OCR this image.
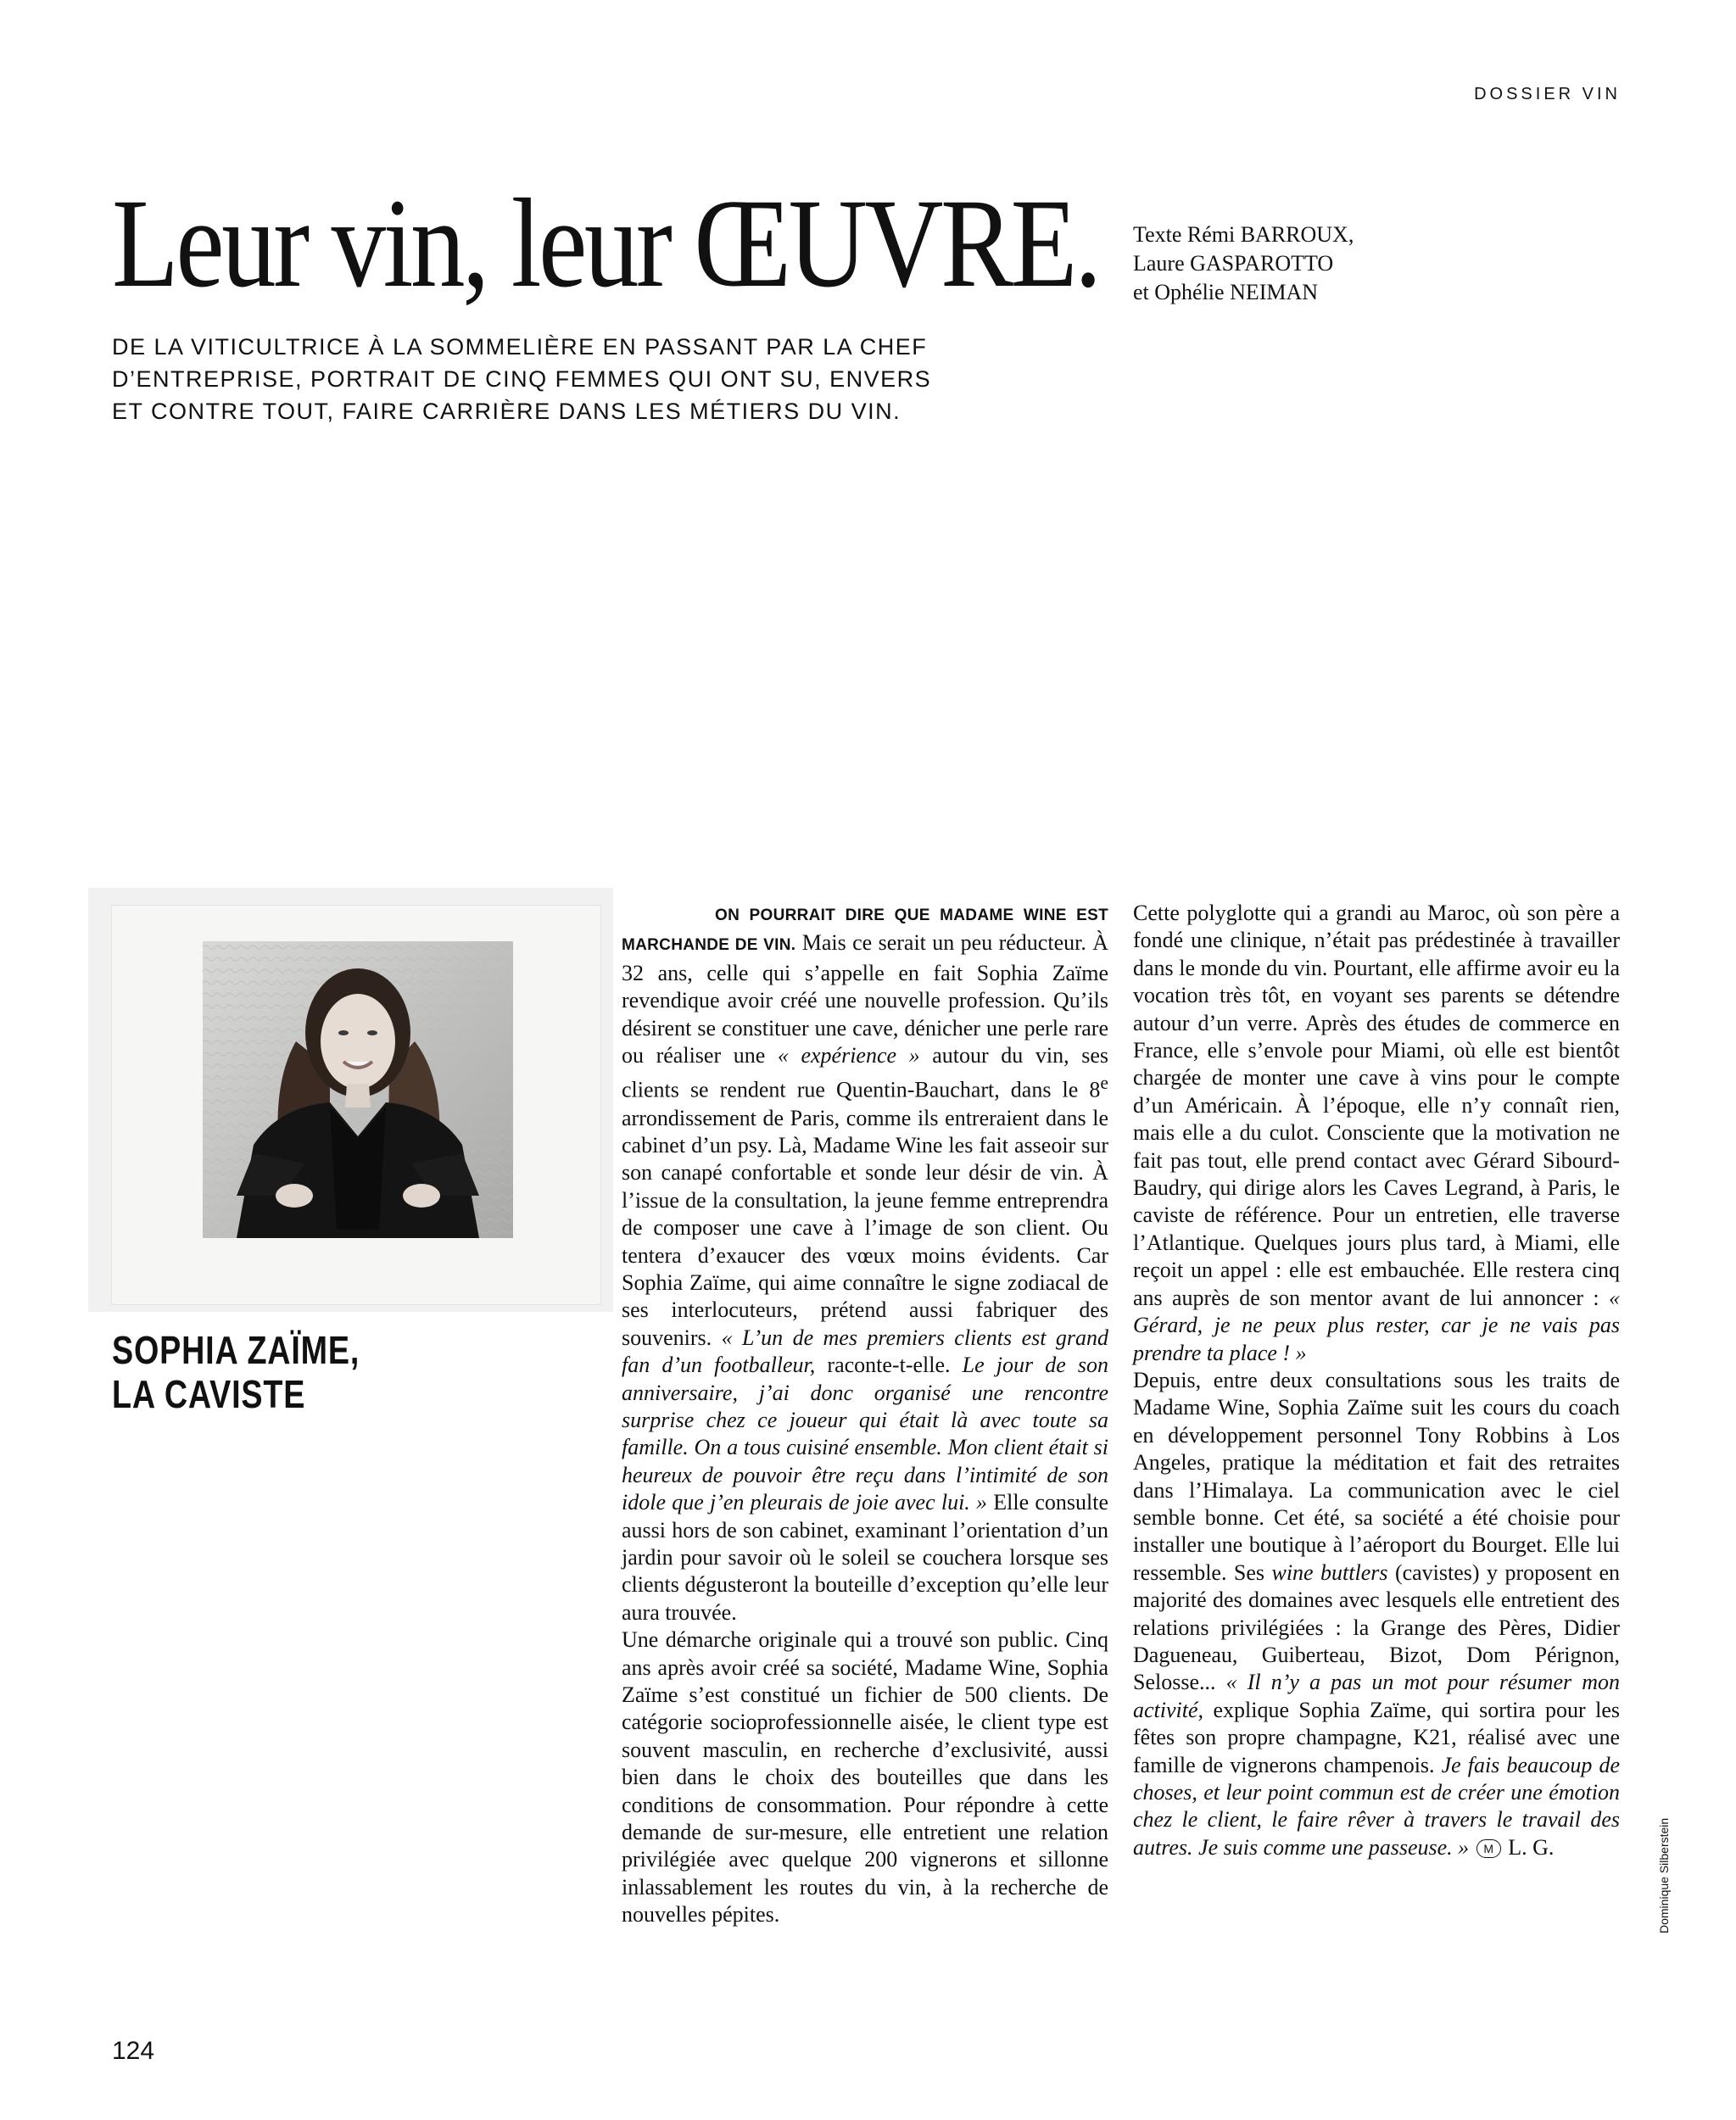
DOSSIER VIN
Leur vin, leur ŒUVRE. Texte Rémi BARROUX,
Laure GASPAROTTO
et Ophélie NEIMAN
DE LA VITICULTRICE À LA SOMMELIÈRE EN PASSANT PAR LA CHEF
D’ENTREPRISE, PORTRAIT DE CINQ FEMMES QUI ONT SU, ENVERS
ET CONTRE TOUT, FAIRE CARRIÈRE DANS LES MÉTIERS DU VIN.
SOPHIA ZAÏME,
LA CAVISTE

ON POURRAIT DIRE QUE MADAME WINE EST MARCHANDE DE VIN. Mais ce serait un peu réducteur. À 32 ans, celle qui s’appelle en fait Sophia Zaïme revendique avoir créé une nouvelle profession. Qu’ils désirent se constituer une cave, dénicher une perle rare ou réaliser une « expérience » autour du vin, ses clients se rendent rue Quentin-Bauchart, dans le 8e arrondissement de Paris, comme ils entreraient dans le cabinet d’un psy. Là, Madame Wine les fait asseoir sur son canapé confortable et sonde leur désir de vin. À l’issue de la consultation, la jeune femme entreprendra de composer une cave à l’image de son client. Ou tentera d’exaucer des vœux moins évidents. Car Sophia Zaïme, qui aime connaître le signe zodiacal de ses interlocuteurs, prétend aussi fabriquer des souvenirs. « L’un de mes premiers clients est grand fan d’un footballeur, raconte-t-elle. Le jour de son anniversaire, j’ai donc organisé une rencontre surprise chez ce joueur qui était là avec toute sa famille. On a tous cuisiné ensemble. Mon client était si heureux de pouvoir être reçu dans l’intimité de son idole que j’en pleurais de joie avec lui. » Elle consulte aussi hors de son cabinet, examinant l’orientation d’un jardin pour savoir où le soleil se couchera lorsque ses clients dégusteront la bouteille d’exception qu’elle leur aura trouvée.

Une démarche originale qui a trouvé son public. Cinq ans après avoir créé sa société, Madame Wine, Sophia Zaïme s’est constitué un fichier de 500 clients. De catégorie socioprofessionnelle aisée, le client type est souvent masculin, en recherche d’exclusivité, aussi bien dans le choix des bouteilles que dans les conditions de consommation. Pour répondre à cette demande de sur-mesure, elle entretient une relation privilégiée avec quelque 200 vignerons et sillonne inlassablement les routes du vin, à la recherche de nouvelles pépites.

Cette polyglotte qui a grandi au Maroc, où son père a fondé une clinique, n’était pas prédestinée à travailler dans le monde du vin. Pourtant, elle affirme avoir eu la vocation très tôt, en voyant ses parents se détendre autour d’un verre. Après des études de commerce en France, elle s’envole pour Miami, où elle est bientôt chargée de monter une cave à vins pour le compte d’un Américain. À l’époque, elle n’y connaît rien, mais elle a du culot. Consciente que la motivation ne fait pas tout, elle prend contact avec Gérard Sibourd-Baudry, qui dirige alors les Caves Legrand, à Paris, le caviste de référence. Pour un entretien, elle traverse l’Atlantique. Quelques jours plus tard, à Miami, elle reçoit un appel : elle est embauchée. Elle restera cinq ans auprès de son mentor avant de lui annoncer : « Gérard, je ne peux plus rester, car je ne vais pas prendre ta place ! »

Depuis, entre deux consultations sous les traits de Madame Wine, Sophia Zaïme suit les cours du coach en développement personnel Tony Robbins à Los Angeles, pratique la méditation et fait des retraites dans l’Himalaya. La communication avec le ciel semble bonne. Cet été, sa société a été choisie pour installer une boutique à l’aéroport du Bourget. Elle lui ressemble. Ses wine buttlers (cavistes) y proposent en majorité des domaines avec lesquels elle entretient des relations privilégiées : la Grange des Pères, Didier Dagueneau, Guiberteau, Bizot, Dom Pérignon, Selosse... « Il n’y a pas un mot pour résumer mon activité, explique Sophia Zaïme, qui sortira pour les fêtes son propre champagne, K21, réalisé avec une famille de vignerons champenois. Je fais beaucoup de choses, et leur point commun est de créer une émotion chez le client, le faire rêver à travers le travail des autres. Je suis comme une passeuse. » M L. G.	Dominique Silberstein
124
